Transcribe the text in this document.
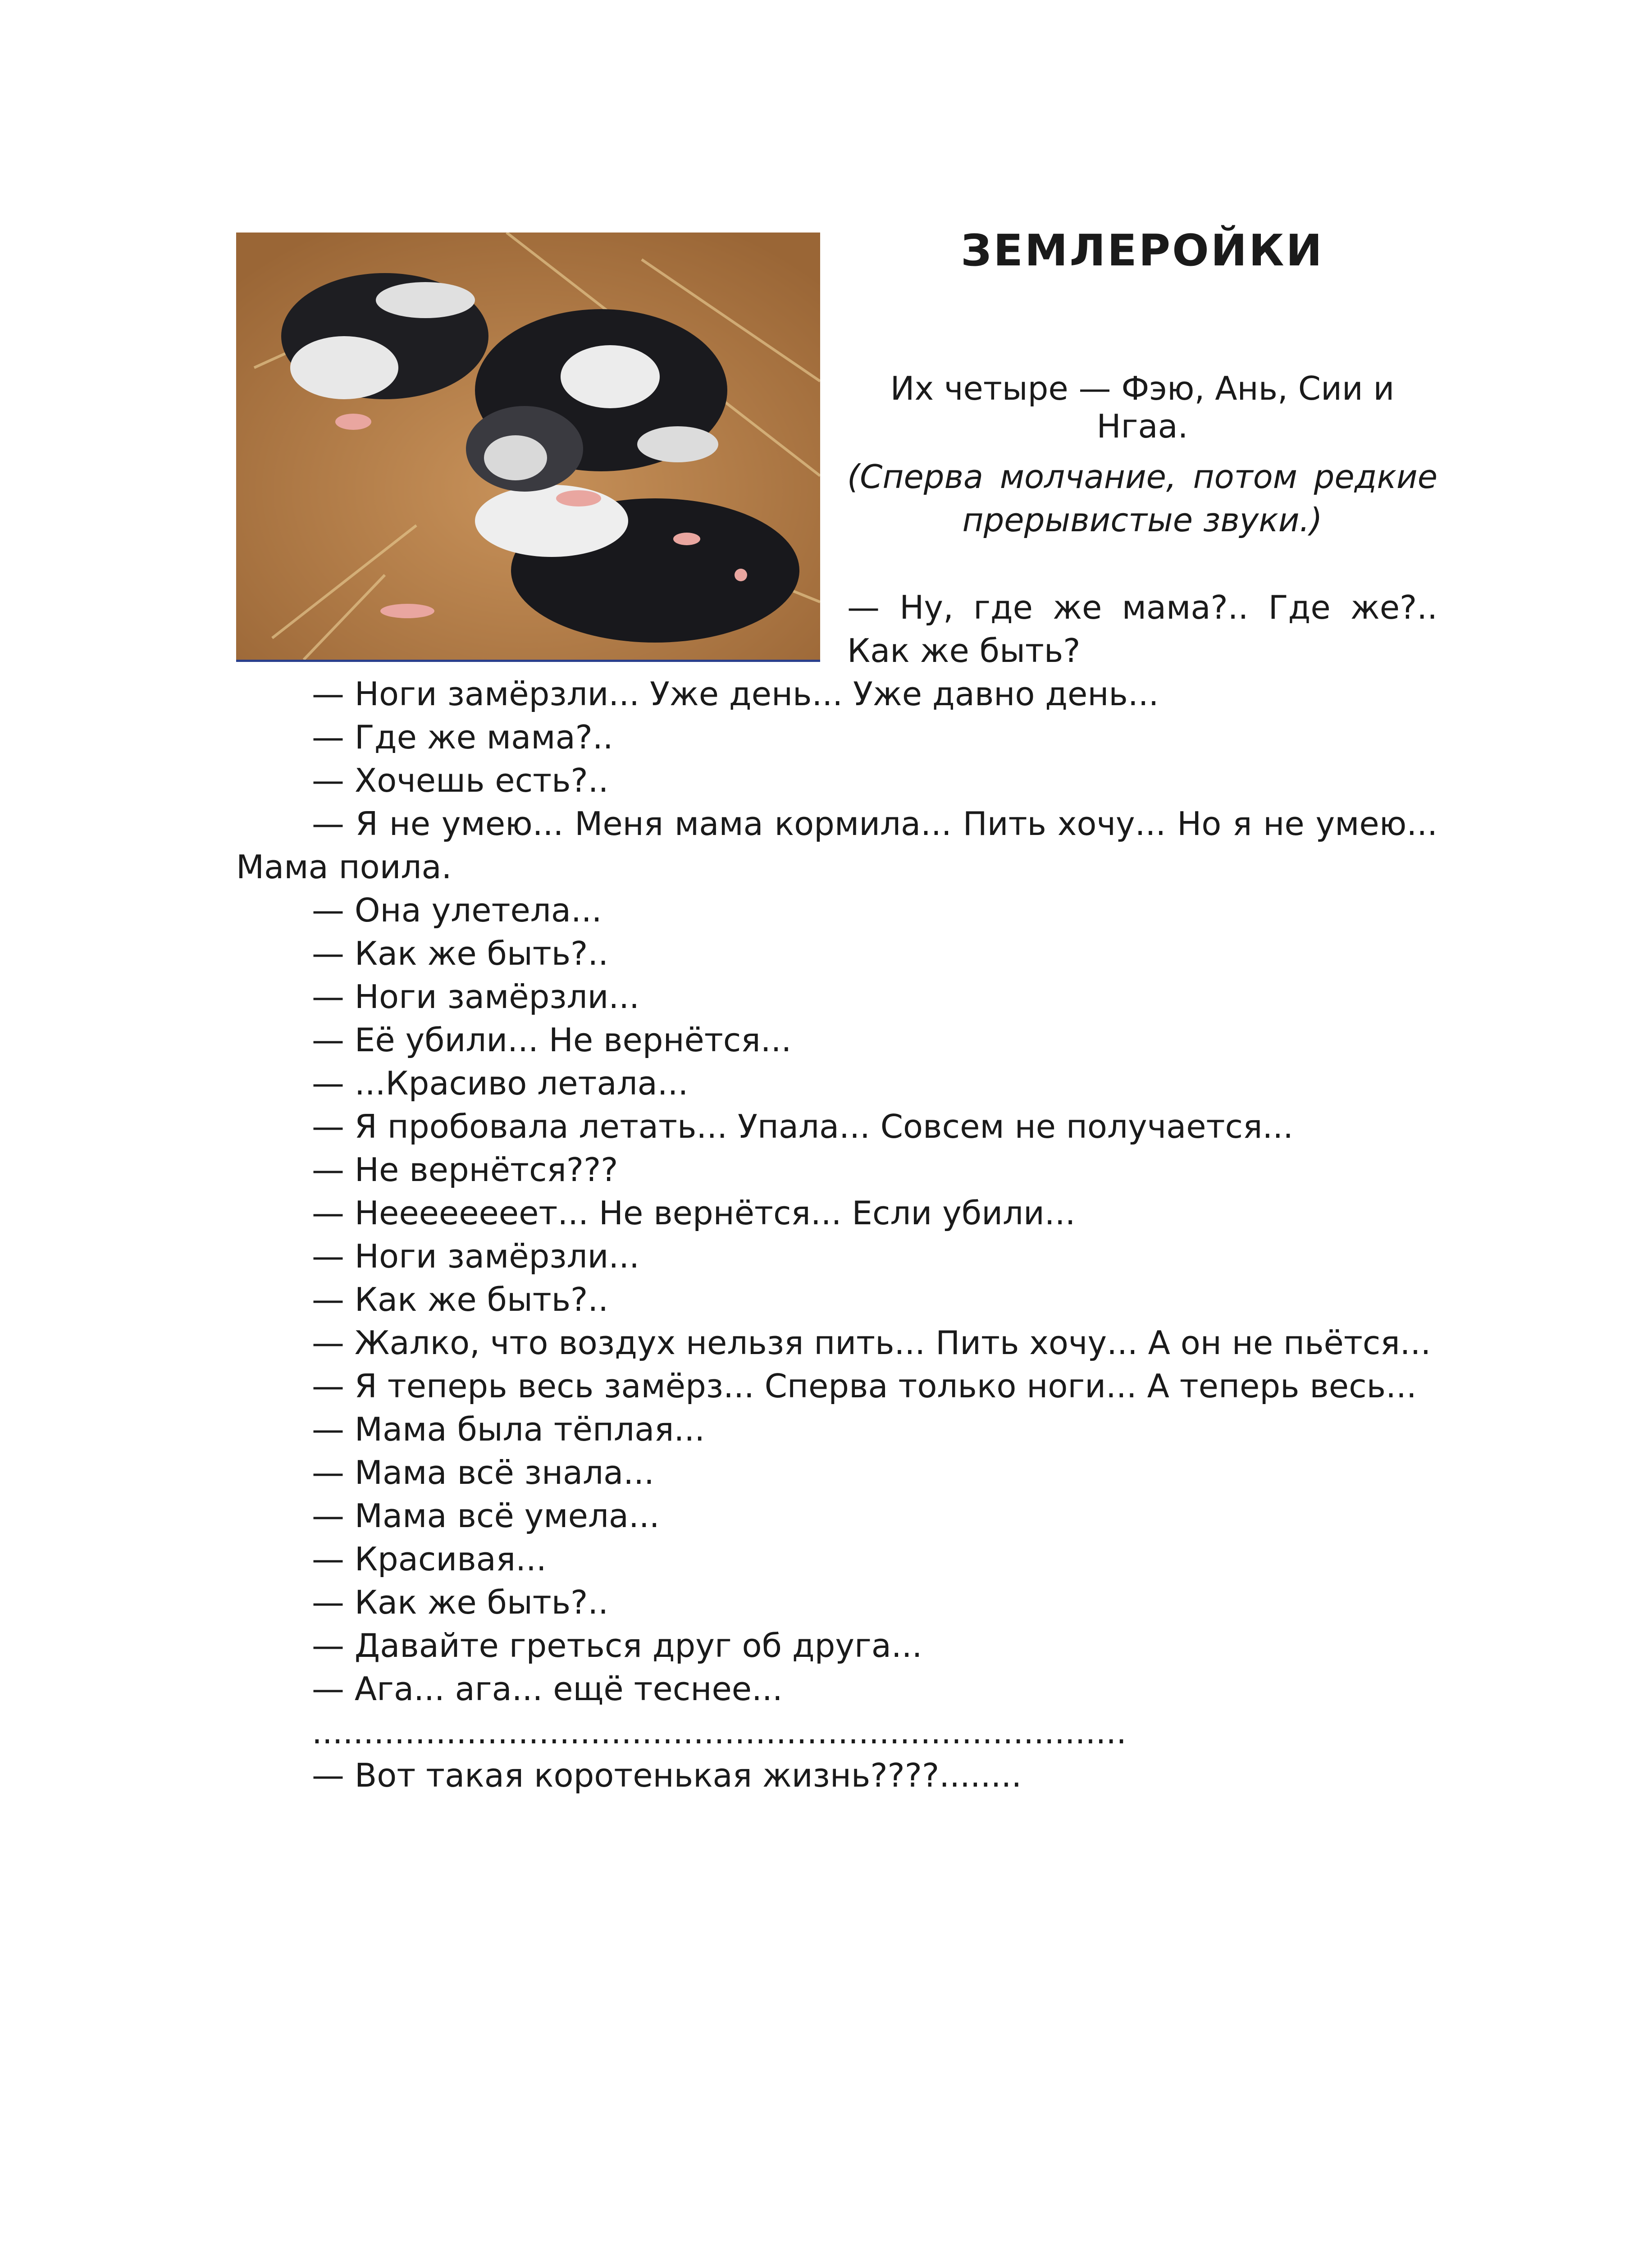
ЗЕМЛЕРОЙКИ

Их четыре — Фэю, Ань, Сии и Нгаа.

(Сперва молчание, потом редкие
прерывистые звуки.)

— Ну, где же мама?.. Где же?..
Как же быть?

— Ноги замёрзли... Уже день... Уже давно день...
— Где же мама?..
— Хочешь есть?..
— Я не умею... Меня мама кормила... Пить хочу... Но я не умею...
Мама поила.
— Она улетела...
— Как же быть?..
— Ноги замёрзли...
— Её убили... Не вернётся...
— ...Красиво летала...
— Я пробовала летать... Упала... Совсем не получается...
— Не вернётся???
— Неееееееет... Не вернётся... Если убили...
— Ноги замёрзли...
— Как же быть?..
— Жалко, что воздух нельзя пить... Пить хочу... А он не пьётся...
— Я теперь весь замёрз... Сперва только ноги... А теперь весь...
— Мама была тёплая...
— Мама всё знала...
— Мама всё умела...
— Красивая...
— Как же быть?..
— Давайте греться друг об друга...
— Ага... ага... ещё теснее...
...............................................................................
— Вот такая коротенькая жизнь????........
